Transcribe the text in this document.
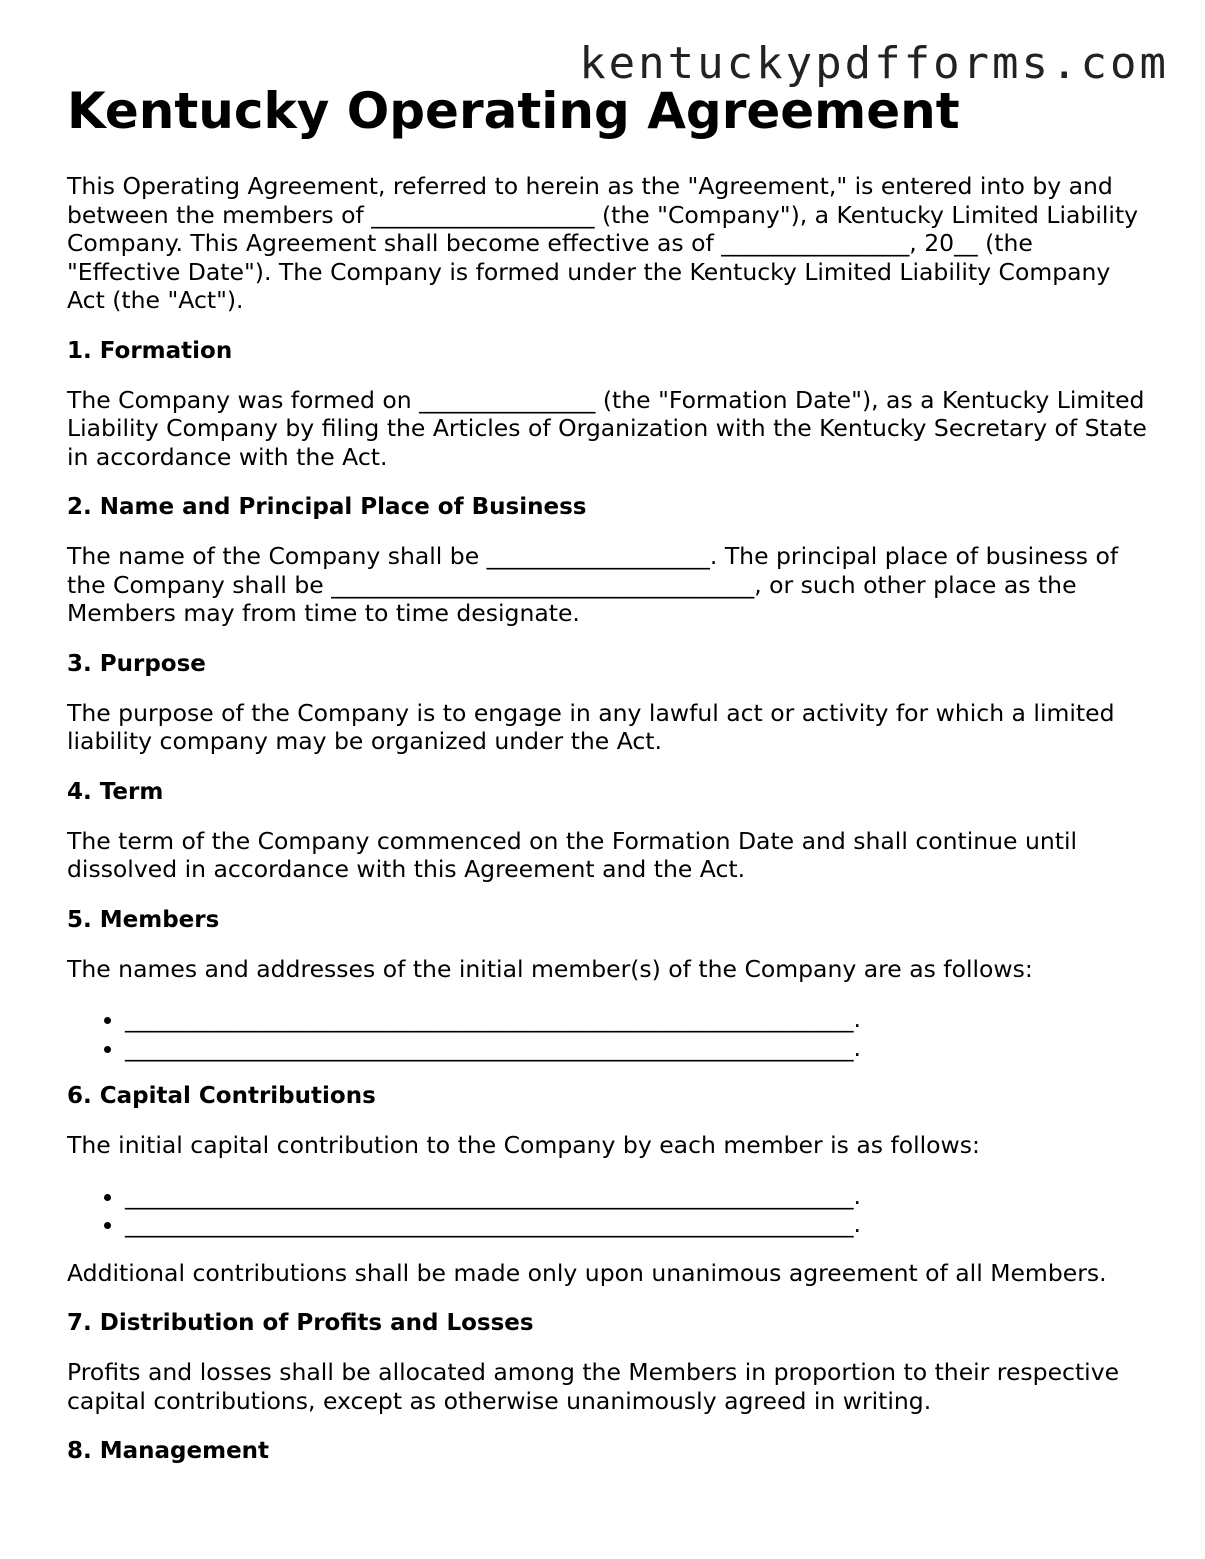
kentuckypdfforms.com
Kentucky Operating Agreement

This Operating Agreement, referred to herein as the "Agreement," is entered into by and between the members of ___________________ (the "Company"), a Kentucky Limited Liability Company. This Agreement shall become effective as of ________________, 20__ (the "Effective Date"). The Company is formed under the Kentucky Limited Liability Company Act (the "Act").

1. Formation

The Company was formed on _______________ (the "Formation Date"), as a Kentucky Limited Liability Company by filing the Articles of Organization with the Kentucky Secretary of State in accordance with the Act.

2. Name and Principal Place of Business

The name of the Company shall be ___________________. The principal place of business of the Company shall be ____________________________________, or such other place as the Members may from time to time designate.

3. Purpose

The purpose of the Company is to engage in any lawful act or activity for which a limited liability company may be organized under the Act.

4. Term

The term of the Company commenced on the Formation Date and shall continue until dissolved in accordance with this Agreement and the Act.

5. Members

The names and addresses of the initial member(s) of the Company are as follows:

• ______________________________________________________________.
• ______________________________________________________________.
6. Capital Contributions

The initial capital contribution to the Company by each member is as follows:

• ______________________________________________________________.
• ______________________________________________________________.

Additional contributions shall be made only upon unanimous agreement of all Members.

7. Distribution of Profits and Losses

Profits and losses shall be allocated among the Members in proportion to their respective capital contributions, except as otherwise unanimously agreed in writing.

8. Management
